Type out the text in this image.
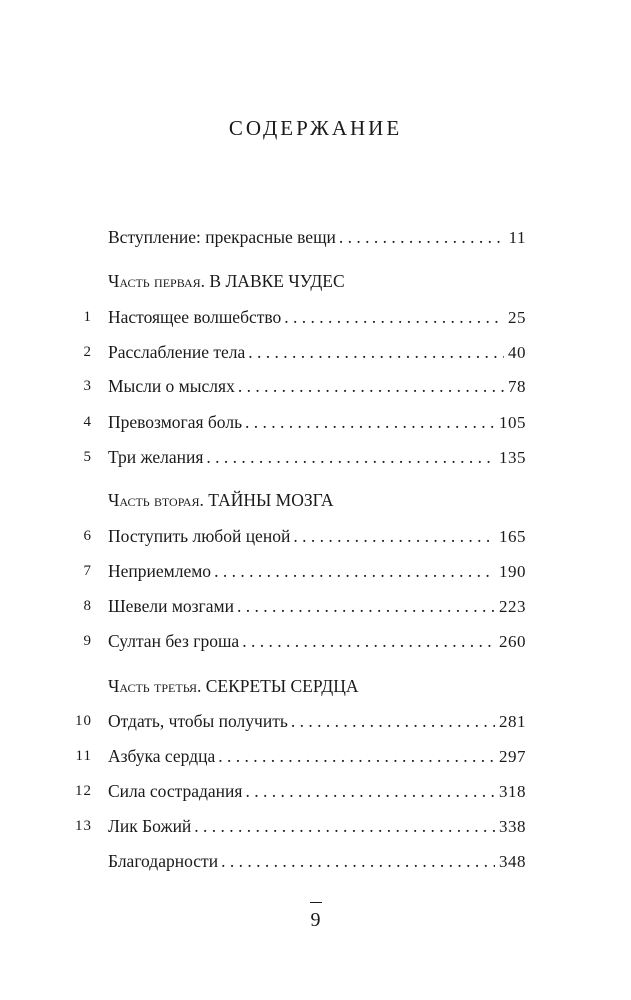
СОДЕРЖАНИЕ
Вступление: прекрасные вещи . . .	11
Часть первая. В ЛАВКЕ ЧУДЕС
1 Настоящее волшебство . . .	25
2 Расслабление тела . . .	40
3 Мысли о мыслях . . .	78
4 Превозмогая боль . . .	105
5 Три желания . . .	135
Часть вторая. ТАЙНЫ МОЗГА
6 Поступить любой ценой . . .	165
7 Неприемлемо . . .	190
8 Шевели мозгами . . .	223
9 Султан без гроша . . .	260
Часть третья. СЕКРЕТЫ СЕРДЦА
10 Отдать, чтобы получить . . .	281
11 Азбука сердца . . .	297
12 Сила сострадания . . .	318
13 Лик Божий . . .	338
Благодарности . . .	348
9
